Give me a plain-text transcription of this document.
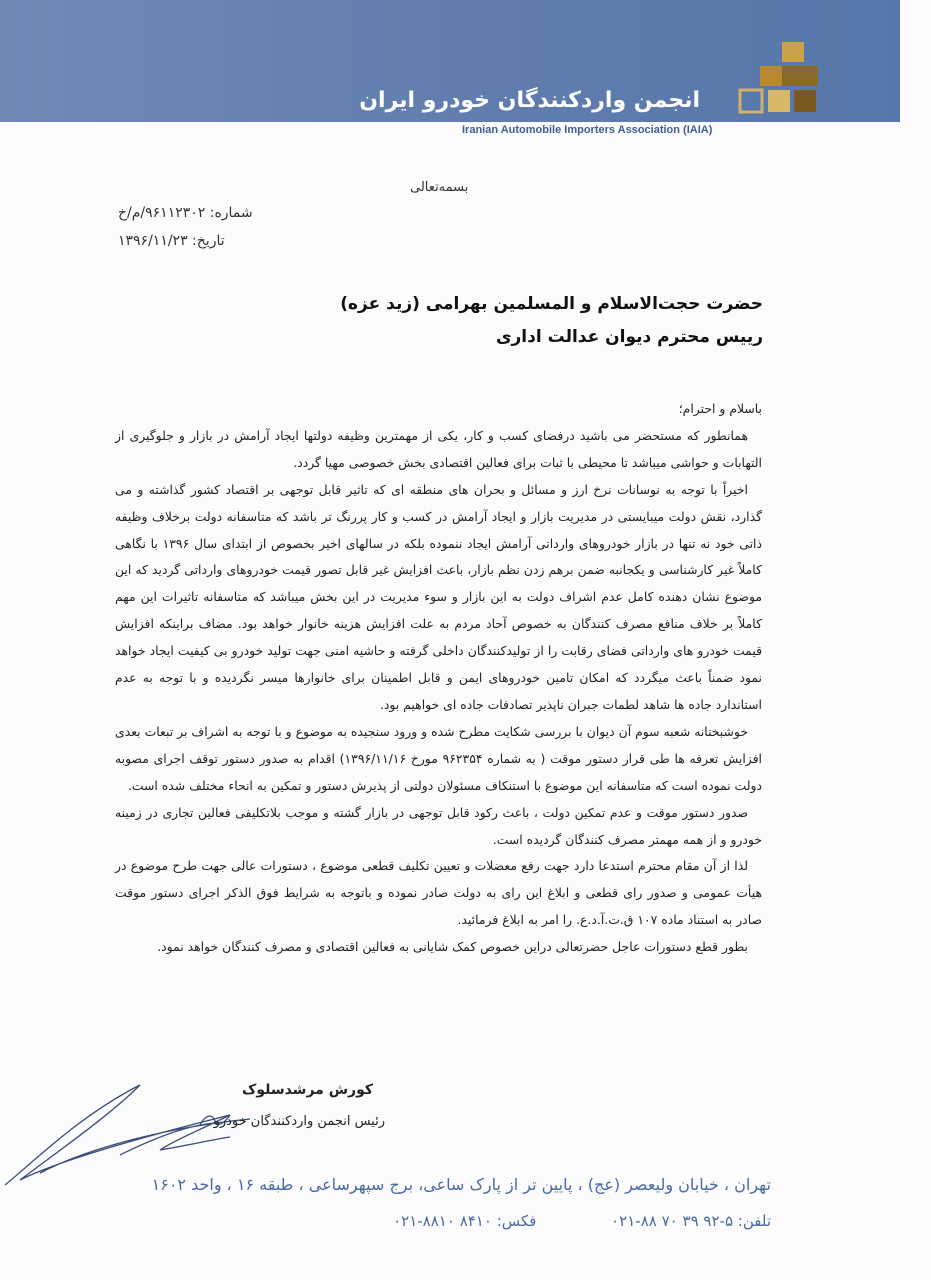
انجمن واردکنندگان خودرو ایران
Iranian Automobile Importers Association (IAIA)
بسمه‌تعالی
شماره: ۹۶۱۱۲۳۰۲/م/خ
تاریخ: ۱۳۹۶/۱۱/۲۳
حضرت حجت‌الاسلام و المسلمین بهرامی (زید عزه)
رییس محترم دیوان عدالت اداری

باسلام و احترام؛

همانطور که مستحضر می باشید درفضای کسب و کار، یکی از مهمترین وظیفه دولتها ایجاد آرامش در بازار و جلوگیری از التهابات و حواشی میباشد تا محیطی با ثبات برای فعالین اقتصادی بخش خصوصی مهیا گردد.

اخیراً با توجه به نوسانات نرخ ارز و مسائل و بحران های منطقه ای که تاثیر قابل توجهی بر اقتصاد کشور گذاشته و می گذارد، نقش دولت میبایستی در مدیریت بازار و ایجاد آرامش در کسب و کار پررنگ تر باشد که متاسفانه دولت برخلاف وظیفه ذاتی خود نه تنها در بازار خودروهای وارداتی آرامش ایجاد ننموده بلکه در سالهای اخیر بخصوص از ابتدای سال ۱۳۹۶ با نگاهی کاملاً غیر کارشناسی و یکجانبه ضمن برهم زدن نظم بازار، باعث افزایش غیر قابل تصور قیمت خودروهای وارداتی گردید که این موضوع نشان دهنده کامل عدم اشراف دولت به این بازار و سوء مدیریت در این بخش میباشد که متاسفانه تاثیرات این مهم کاملاً بر خلاف منافع مصرف کنندگان به خصوص آحاد مردم به علت افزایش هزینه خانوار خواهد بود. مضاف براینکه افزایش قیمت خودرو های وارداتی فضای رقابت را از تولیدکنندگان داخلی گرفته و حاشیه امنی جهت تولید خودرو بی کیفیت ایجاد خواهد نمود ضمناً باعث میگردد که امکان تامین خودروهای ایمن و قابل اطمینان برای خانوارها میسر نگردیده و با توجه به عدم استاندارد جاده ها شاهد لطمات جبران ناپذیر تصادفات جاده ای خواهیم بود.

خوشبختانه شعبه سوم آن دیوان با بررسی شکایت مطرح شده و ورود سنجیده به موضوع و با توجه به اشراف بر تبعات بعدی افزایش تعرفه ها طی قرار دستور موقت ( به شماره ۹۶۲۳۵۴ مورخ ۱۳۹۶/۱۱/۱۶) اقدام به صدور دستور توقف اجرای مصوبه دولت نموده است که متاسفانه این موضوع با استنکاف مسئولان دولتی از پذیرش دستور و تمکین به انحاء مختلف شده است.

صدور دستور موقت و عدم تمکین دولت ، باعث رکود قابل توجهی در بازار گشته و موجب بلاتکلیفی فعالین تجاری در زمینه خودرو و از همه مهمتر مصرف کنندگان گردیده است.

لذا از آن مقام محترم استدعا دارد جهت رفع معضلات و تعیین تکلیف قطعی موضوع ، دستورات عالی جهت طرح موضوع در هیأت عمومی و صدور رای قطعی و ابلاغ این رای به دولت صادر نموده و باتوجه به شرایط فوق الذکر اجرای دستور موقت صادر به استناد ماده ۱۰۷ ق.ت.آ.د.ع. را امر به ابلاغ فرمائید.

بطور قطع دستورات عاجل حضرتعالی دراین خصوص کمک شایانی به فعالین اقتصادی و مصرف کنندگان خواهد نمود.

کورش مرشدسلوک
رئیس انجمن واردکنندگان خودرو
تهران ، خیابان ولیعصر (عج) ، پایین تر از پارک ساعی، برج سپهرساعی ، طبقه ۱۶ ، واحد ۱۶۰۲
تلفن: ۵-۹۲ ۳۹ ۷۰ ۸۸-۰۲۱ فکس: ۸۴۱۰ ۸۸۱۰-۰۲۱
